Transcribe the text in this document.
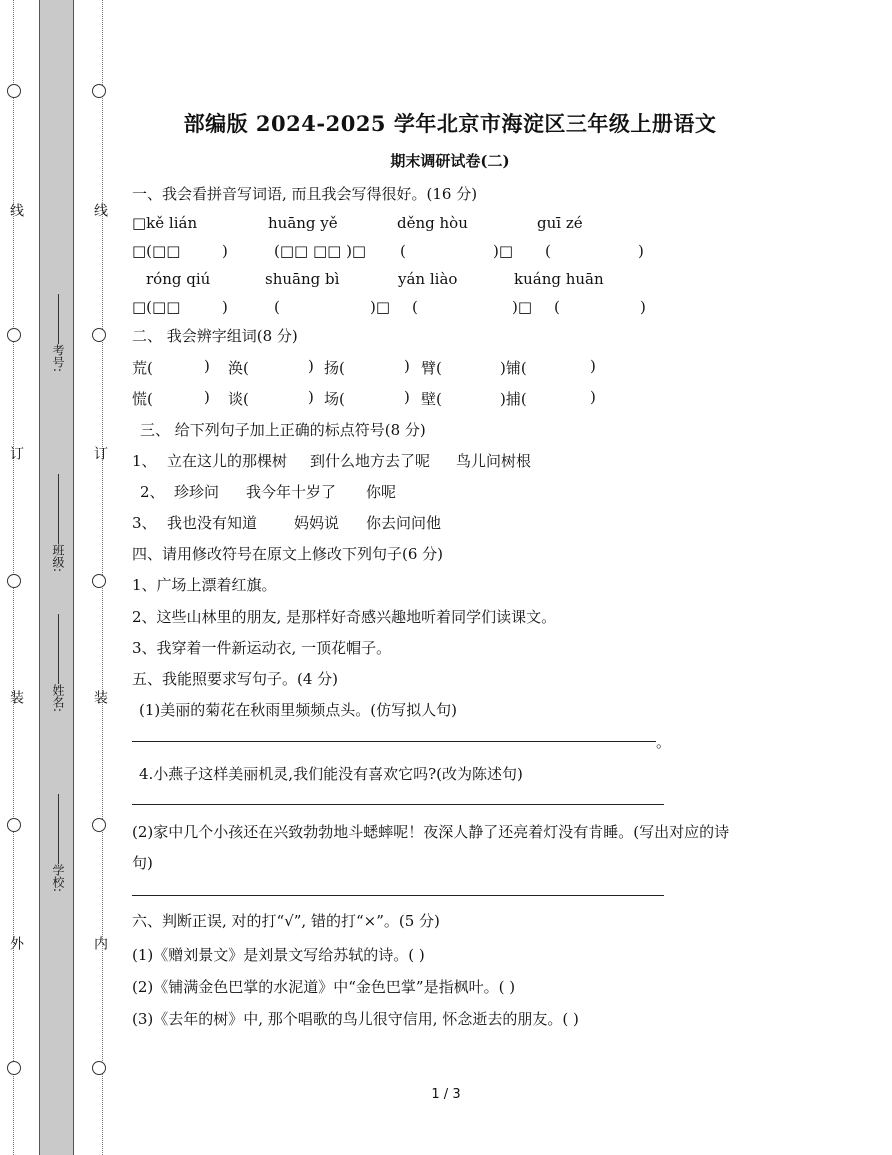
线
订
装
外
线
订
装
内
考号:
班级:
姓名:
学校:
部编版 2024-2025 学年北京市海淀区三年级上册语文
期末调研试卷(二)
一、我会看拼音写词语, 而且我会写得很好。(16 分)
□kě lián	huāng yě	děng hòu	guī zé
□(□□	)	(□□ □□ )□ (	)□ (	)
róng qiú	shuāng bì	yán liào	kuáng huān
□(□□	)	(	)□ (	)□ (	)
二、 我会辨字组词(8 分)
荒(	) 涣(	) 扬(	) 臂(	)铺(	)
慌(	) 谈(	) 场(	) 壁(	)捕(	)
三、 给下列句子加上正确的标点符号(8 分)
1、 立在这儿的那棵树 到什么地方去了呢 鸟儿问树根
2、 珍珍问 我今年十岁了 你呢
3、 我也没有知道 妈妈说 你去问问他
四、请用修改符号在原文上修改下列句子(6 分)
1、广场上漂着红旗。
2、这些山林里的朋友, 是那样好奇感兴趣地听着同学们读课文。
3、我穿着一件新运动衣, 一顶花帽子。
五、我能照要求写句子。(4 分)
(1)美丽的菊花在秋雨里频频点头。(仿写拟人句)
。
4.小燕子这样美丽机灵,我们能没有喜欢它吗?(改为陈述句)
(2)家中几个小孩还在兴致勃勃地斗蟋蟀呢！夜深人静了还亮着灯没有肯睡。(写出对应的诗
句)
六、判断正误, 对的打“√”, 错的打“×”。(5 分)
(1)《赠刘景文》是刘景文写给苏轼的诗。( )
(2)《铺满金色巴掌的水泥道》中“金色巴掌”是指枫叶。( )
(3)《去年的树》中, 那个唱歌的鸟儿很守信用, 怀念逝去的朋友。( )
1 / 3
